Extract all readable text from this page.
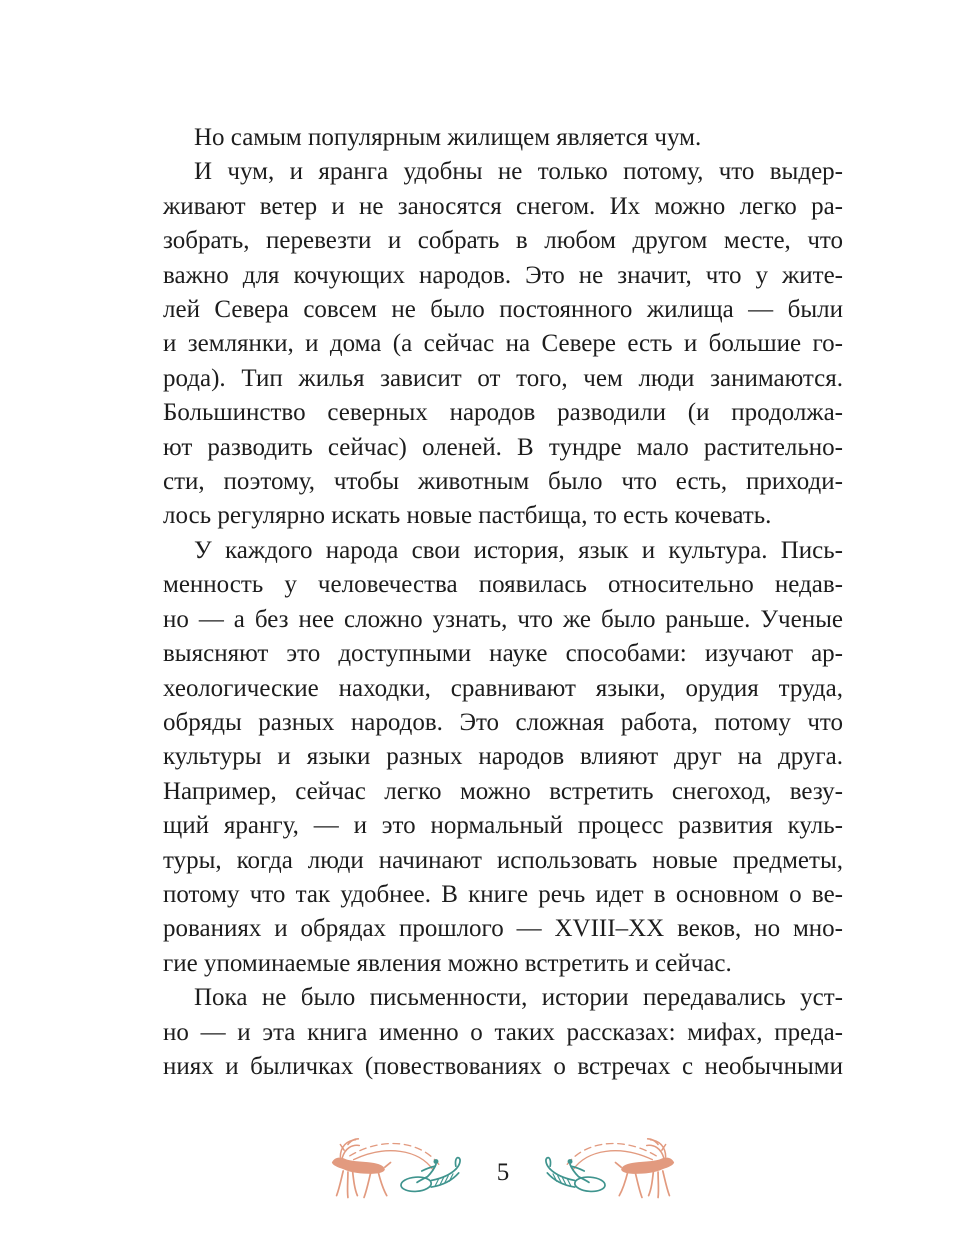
Но самым популярным жилищем является чум.
И чум, и яранга удобны не только потому, что выдер-
живают ветер и не заносятся снегом. Их можно легко ра-
зобрать, перевезти и собрать в любом другом месте, что
важно для кочующих народов. Это не значит, что у жите-
лей Севера совсем не было постоянного жилища — были
и землянки, и дома (а сейчас на Севере есть и большие го-
рода). Тип жилья зависит от того, чем люди занимаются.
Большинство северных народов разводили (и продолжа-
ют разводить сейчас) оленей. В тундре мало растительно-
сти, поэтому, чтобы животным было что есть, приходи-
лось регулярно искать новые пастбища, то есть кочевать.
У каждого народа свои история, язык и культура. Пись-
менность у человечества появилась относительно недав-
но — а без нее сложно узнать, что же было раньше. Ученые
выясняют это доступными науке способами: изучают ар-
хеологические находки, сравнивают языки, орудия труда,
обряды разных народов. Это сложная работа, потому что
культуры и языки разных народов влияют друг на друга.
Например, сейчас легко можно встретить снегоход, везу-
щий ярангу, — и это нормальный процесс развития куль-
туры, когда люди начинают использовать новые предметы,
потому что так удобнее. В книге речь идет в основном о ве-
рованиях и обрядах прошлого — XVIII–XX веков, но мно-
гие упоминаемые явления можно встретить и сейчас.
Пока не было письменности, истории передавались уст-
но — и эта книга именно о таких рассказах: мифах, преда-
ниях и быличках (повествованиях о встречах с необычными
5
